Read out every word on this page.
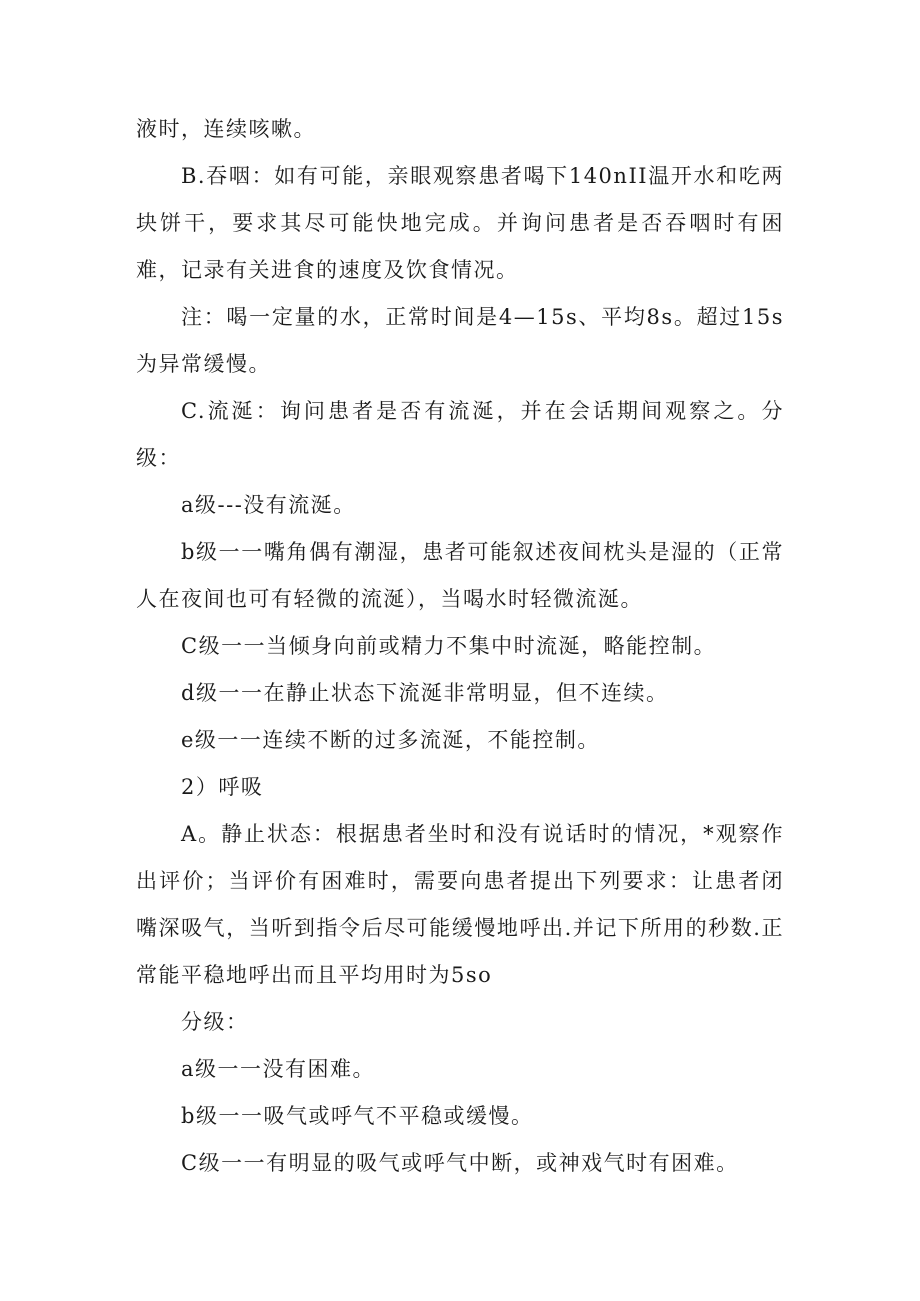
液时，连续咳嗽。

B.吞咽：如有可能，亲眼观察患者喝下140nII温开水和吃两块饼干，要求其尽可能快地完成。并询问患者是否吞咽时有困难，记录有关进食的速度及饮食情况。

注：喝一定量的水，正常时间是4—15s、平均8s。超过15s为异常缓慢。

C.流涎：询问患者是否有流涎，并在会话期间观察之。分级：

a级---没有流涎。

b级一一嘴角偶有潮湿，患者可能叙述夜间枕头是湿的（正常人在夜间也可有轻微的流涎），当喝水时轻微流涎。

C级一一当倾身向前或精力不集中时流涎，略能控制。

d级一一在静止状态下流涎非常明显，但不连续。

e级一一连续不断的过多流涎，不能控制。

2）呼吸

A。静止状态：根据患者坐时和没有说话时的情况，*观察作出评价；当评价有困难时，需要向患者提出下列要求：让患者闭嘴深吸气，当听到指令后尽可能缓慢地呼出.并记下所用的秒数.正常能平稳地呼出而且平均用时为5so

分级：

a级一一没有困难。

b级一一吸气或呼气不平稳或缓慢。

C级一一有明显的吸气或呼气中断，或神戏气时有困难。
